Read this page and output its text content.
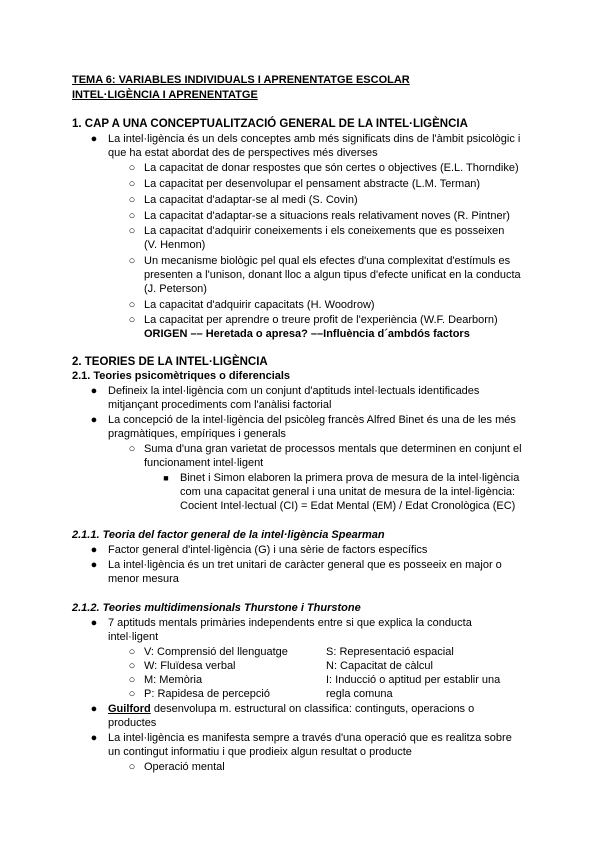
TEMA 6: VARIABLES INDIVIDUALS I APRENENTATGE ESCOLAR
INTEL·LIGÈNCIA I APRENENTATGE
1. CAP A UNA CONCEPTUALITZACIÓ GENERAL DE LA INTEL·LIGÈNCIA
● La intel·ligència és un dels conceptes amb més significats dins de l'àmbit psicològic i
que ha estat abordat des de perspectives més diverses
○ La capacitat de donar respostes que són certes o objectives (E.L. Thorndike)
○ La capacitat per desenvolupar el pensament abstracte (L.M. Terman)
○ La capacitat d'adaptar-se al medi (S. Covin)
○ La capacitat d'adaptar-se a situacions reals relativament noves (R. Pintner)
○ La capacitat d'adquirir coneixements i els coneixements que es posseixen
(V. Henmon)
○ Un mecanisme biològic pel qual els efectes d'una complexitat d'estímuls es
presenten a l'unison, donant lloc a algun tipus d'efecte unificat en la conducta
(J. Peterson)
○ La capacitat d'adquirir capacitats (H. Woodrow)
○ La capacitat per aprendre o treure profit de l'experiència (W.F. Dearborn)
ORIGEN –– Heretada o apresa? ––Influència d´ambdós factors
2. TEORIES DE LA INTEL·LIGÈNCIA
2.1. Teories psicomètriques o diferencials
● Defineix la intel·ligència com un conjunt d'aptituds intel·lectuals identificades
mitjançant procediments com l'anàlisi factorial
● La concepció de la intel·ligència del psicòleg francès Alfred Binet és una de les més
pragmàtiques, empíriques i generals
○ Suma d'una gran varietat de processos mentals que determinen en conjunt el
funcionament intel·ligent
■ Binet i Simon elaboren la primera prova de mesura de la intel·ligència
com una capacitat general i una unitat de mesura de la intel·ligència:
Cocient Intel·lectual (CI) = Edat Mental (EM) / Edat Cronològica (EC)
2.1.1. Teoria del factor general de la intel·ligència Spearman
● Factor general d'intel·ligència (G) i una sèrie de factors específics
● La intel·ligència és un tret unitari de caràcter general que es posseeix en major o
menor mesura
2.1.2. Teories multidimensionals Thurstone i Thurstone
● 7 aptituds mentals primàries independents entre si que explica la conducta
intel·ligent
○ V: Comprensió del llenguatge	S: Representació espacial
○ W: Fluïdesa verbal	N: Capacitat de càlcul
○ M: Memòria	I: Inducció o aptitud per establir una
○ P: Rapidesa de percepció	regla comuna
● Guilford desenvolupa m. estructural on classifica: continguts, operacions o
productes
● La intel·ligència es manifesta sempre a través d'una operació que es realitza sobre
un contingut informatiu i que prodieix algun resultat o producte
○ Operació mental
